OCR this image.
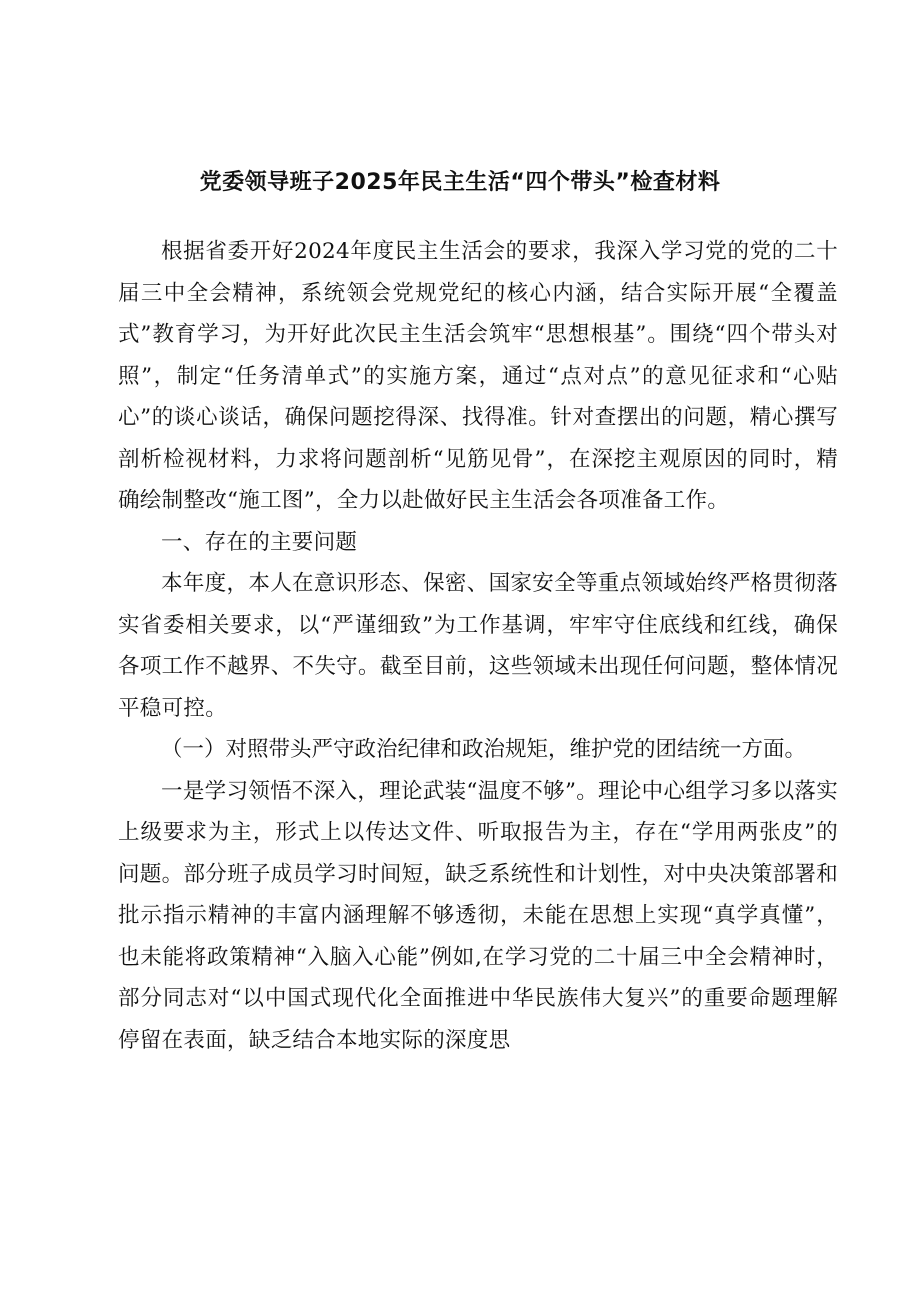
党委领导班子2025年民主生活“四个带头”检查材料

根据省委开好2024年度民主生活会的要求，我深入学习党的党的二十届三中全会精神，系统领会党规党纪的核心内涵，结合实际开展“全覆盖式”教育学习，为开好此次民主生活会筑牢“思想根基”。围绕“四个带头对照”，制定“任务清单式”的实施方案，通过“点对点”的意见征求和“心贴心”的谈心谈话，确保问题挖得深、找得准。针对查摆出的问题，精心撰写剖析检视材料，力求将问题剖析“见筋见骨”，在深挖主观原因的同时，精确绘制整改“施工图”，全力以赴做好民主生活会各项准备工作。

一、存在的主要问题

本年度，本人在意识形态、保密、国家安全等重点领域始终严格贯彻落实省委相关要求，以“严谨细致”为工作基调，牢牢守住底线和红线，确保各项工作不越界、不失守。截至目前，这些领域未出现任何问题，整体情况平稳可控。

（一）对照带头严守政治纪律和政治规矩，维护党的团结统一方面。

一是学习领悟不深入，理论武装“温度不够”。理论中心组学习多以落实上级要求为主，形式上以传达文件、听取报告为主，存在“学用两张皮”的问题。部分班子成员学习时间短，缺乏系统性和计划性，对中央决策部署和批示指示精神的丰富内涵理解不够透彻，未能在思想上实现“真学真懂”，也未能将政策精神“入脑入心能”例如,在学习党的二十届三中全会精神时，部分同志对“以中国式现代化全面推进中华民族伟大复兴”的重要命题理解停留在表面，缺乏结合本地实际的深度思
